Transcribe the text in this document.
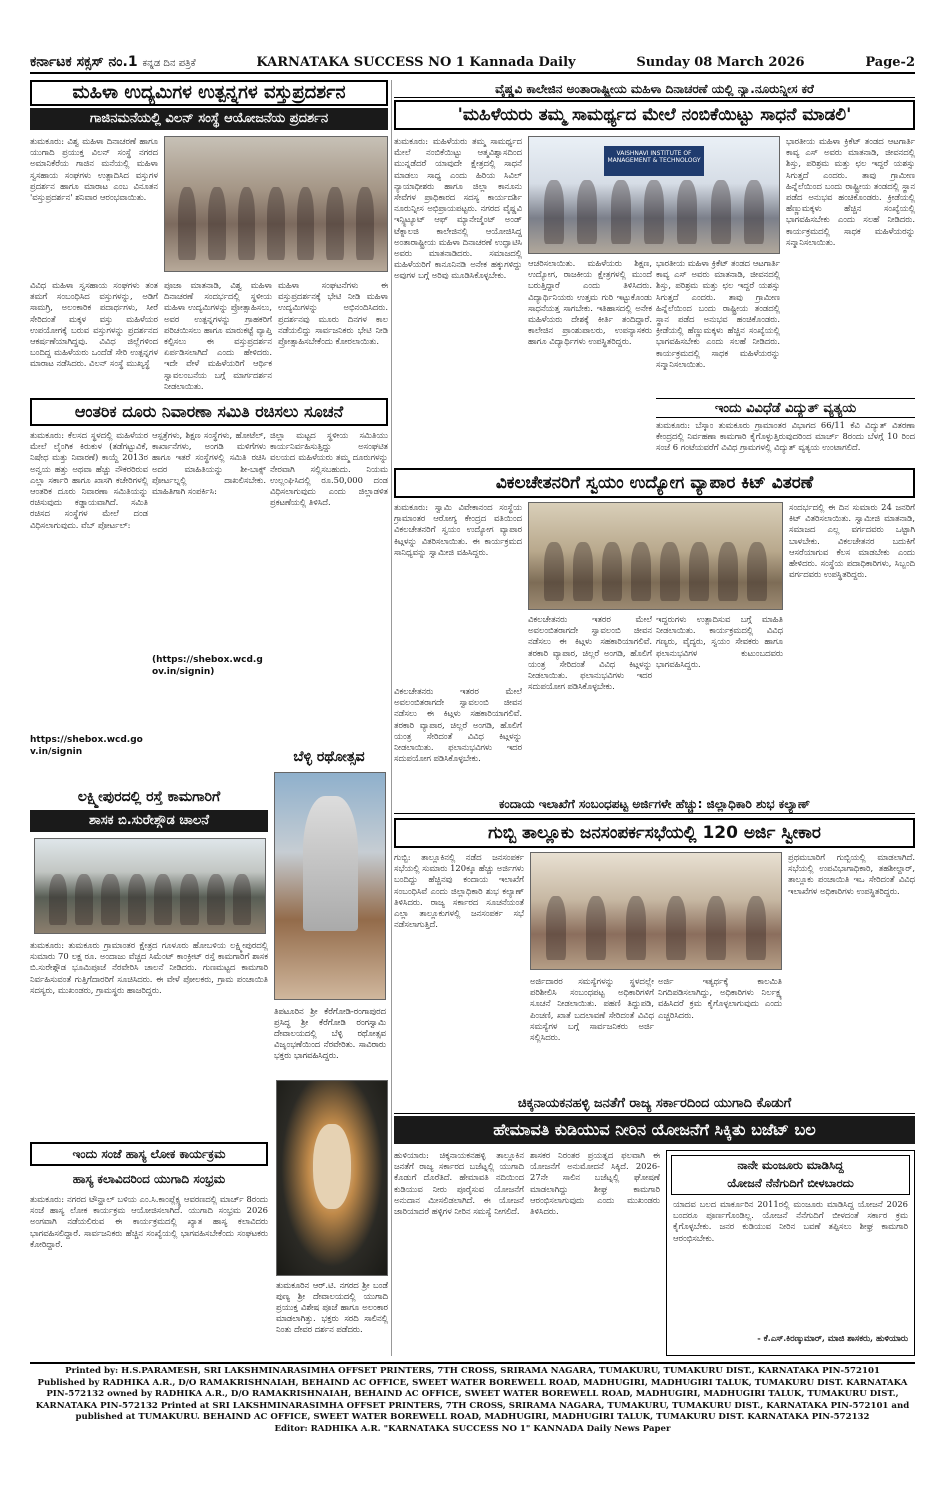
ಕರ್ನಾಟಕ ಸಕ್ಸಸ್ ನಂ.1 ಕನ್ನಡ ದಿನ ಪತ್ರಿಕೆ	KARNATAKA SUCCESS NO 1 Kannada Daily	Sunday 08 March 2026	Page-2
ಮಹಿಳಾ ಉದ್ಯಮಿಗಳ ಉತ್ಪನ್ನಗಳ ವಸ್ತುಪ್ರದರ್ಶನ
ಗಾಜಿನಮನೆಯಲ್ಲಿ ವಿಲನ್ ಸಂಸ್ಥೆ ಆಯೋಜನೆಯ ಪ್ರದರ್ಶನ
ತುಮಕೂರು: ವಿಶ್ವ ಮಹಿಳಾ ದಿನಾಚರಣೆ ಹಾಗೂ ಯುಗಾದಿ ಪ್ರಯುಕ್ತ ವಿಲನ್ ಸಂಸ್ಥೆ ನಗರದ ಅಮಾನಿಕೆರೆಯ ಗಾಜಿನ ಮನೆಯಲ್ಲಿ ಮಹಿಳಾ ಸ್ವಸಹಾಯ ಸಂಘಗಳು ಉತ್ಪಾದಿಸಿದ ವಸ್ತುಗಳ ಪ್ರದರ್ಶನ ಹಾಗೂ ಮಾರಾಟ ಎಂಬ ವಿನೂತನ 'ವಸ್ತುಪ್ರದರ್ಶನ' ಶನಿವಾರ ಆರಂಭವಾಯಿತು.
ವಿವಿಧ ಮಹಿಳಾ ಸ್ವಸಹಾಯ ಸಂಘಗಳು ತಂತ ತಮಗೆ ಸಂಬಂಧಿಸಿದ ವಸ್ತುಗಳನ್ನು, ಅಡಿಗೆ ಸಾಮಗ್ರಿ, ಅಲಂಕಾರಿಕ ಪದಾರ್ಥಗಳು, ಸೀರೆ ಸೇರಿದಂತೆ ಮಕ್ಕಳ ವಸ್ತು ಮಹಿಳೆಯರ ಉಪಯೋಗಕ್ಕೆ ಬರುವ ವಸ್ತುಗಳನ್ನು ಪ್ರದರ್ಶನದ ಆಕರ್ಷಣೆಯಾಗಿದ್ದವು. ವಿವಿಧ ಜಿಲ್ಲೆಗಳಿಂದ ಬಂದಿದ್ದ ಮಹಿಳೆಯರು ಒಂದೆಡೆ ಸೇರಿ ಉತ್ಪನ್ನಗಳ ಮಾರಾಟ ನಡೆಸಿದರು. ವಿಲನ್ ಸಂಸ್ಥೆ ಮುಖ್ಯಸ್ಥೆ
ಪೂಜಾ ಮಾತನಾಡಿ, ವಿಶ್ವ ಮಹಿಳಾ ದಿನಾಚರಣೆ ಸಂದರ್ಭದಲ್ಲಿ ಸ್ಥಳೀಯ ಮಹಿಳಾ ಉದ್ಯಮಿಗಳನ್ನು ಪ್ರೋತ್ಸಾಹಿಸಲು, ಅವರ ಉತ್ಪನ್ನಗಳನ್ನು ಗ್ರಾಹಕರಿಗೆ ಪರಿಚಯಿಸಲು ಹಾಗೂ ಮಾರುಕಟ್ಟೆ ವ್ಯಾಪ್ತಿ ಕಲ್ಪಿಸಲು ಈ ವಸ್ತುಪ್ರದರ್ಶನ ಏರ್ಪಡಿಸಲಾಗಿದೆ ಎಂದು ಹೇಳಿದರು. ಇದೇ ವೇಳೆ ಮಹಿಳೆಯರಿಗೆ ಆರ್ಥಿಕ ಸ್ವಾವಲಂಬನೆಯ ಬಗ್ಗೆ ಮಾರ್ಗದರ್ಶನ ನೀಡಲಾಯಿತು.
ಮಹಿಳಾ ಸಂಘಟನೆಗಳು ಈ ವಸ್ತುಪ್ರದರ್ಶನಕ್ಕೆ ಭೇಟಿ ನೀಡಿ ಮಹಿಳಾ ಉದ್ಯಮಿಗಳನ್ನು ಅಭಿನಂದಿಸಿದರು. ಪ್ರದರ್ಶನವು ಮೂರು ದಿನಗಳ ಕಾಲ ನಡೆಯಲಿದ್ದು ಸಾರ್ವಜನಿಕರು ಭೇಟಿ ನೀಡಿ ಪ್ರೋತ್ಸಾಹಿಸಬೇಕೆಂದು ಕೋರಲಾಯಿತು.
ವೈಷ್ಣವಿ ಕಾಲೇಜಿನ ಅಂತಾರಾಷ್ಟ್ರೀಯ ಮಹಿಳಾ ದಿನಾಚರಣೆ ಯಲ್ಲಿ ನ್ಯಾ.ನೂರುನ್ನೀಸ ಕರೆ
'ಮಹಿಳೆಯರು ತಮ್ಮ ಸಾಮರ್ಥ್ಯದ ಮೇಲೆ ನಂಬಿಕೆಯಿಟ್ಟು ಸಾಧನೆ ಮಾಡಲಿ'
ತುಮಕೂರು: ಮಹಿಳೆಯರು ತಮ್ಮ ಸಾಮರ್ಥ್ಯದ ಮೇಲೆ ನಂಬಿಕೆಯಿಟ್ಟು ಆತ್ಮವಿಶ್ವಾಸದಿಂದ ಮುನ್ನಡೆದರೆ ಯಾವುದೇ ಕ್ಷೇತ್ರದಲ್ಲಿ ಸಾಧನೆ ಮಾಡಲು ಸಾಧ್ಯ ಎಂದು ಹಿರಿಯ ಸಿವಿಲ್ ನ್ಯಾಯಾಧೀಶರು ಹಾಗೂ ಜಿಲ್ಲಾ ಕಾನೂನು ಸೇವೆಗಳ ಪ್ರಾಧಿಕಾರದ ಸದಸ್ಯ ಕಾರ್ಯದರ್ಶಿ ನೂರುನ್ನೀಸ ಅಭಿಪ್ರಾಯಪಟ್ಟರು. ನಗರದ ವೈಷ್ಣವಿ ಇನ್ಸ್ಟಿಟ್ಯೂಟ್ ಆಫ್ ಮ್ಯಾನೇಜ್ಮೆಂಟ್ ಅಂಡ್ ಟೆಕ್ನಾಲಜಿ ಕಾಲೇಜಿನಲ್ಲಿ ಆಯೋಜಿಸಿದ್ದ ಅಂತಾರಾಷ್ಟ್ರೀಯ ಮಹಿಳಾ ದಿನಾಚರಣೆ ಉದ್ಘಾಟಿಸಿ ಅವರು ಮಾತನಾಡಿದರು. ಸಮಾಜದಲ್ಲಿ ಮಹಿಳೆಯರಿಗೆ ಕಾನೂನಿನಡಿ ಅನೇಕ ಹಕ್ಕುಗಳಿದ್ದು ಅವುಗಳ ಬಗ್ಗೆ ಅರಿವು ಮೂಡಿಸಿಕೊಳ್ಳಬೇಕು.
VAISHNAVI INSTITUTE OF MANAGEMENT & TECHNOLOGY
ಆಚರಿಸಲಾಯಿತು. ಮಹಿಳೆಯರು ಶಿಕ್ಷಣ, ಉದ್ಯೋಗ, ರಾಜಕೀಯ ಕ್ಷೇತ್ರಗಳಲ್ಲಿ ಮುಂದೆ ಬರುತ್ತಿದ್ದಾರೆ ಎಂದು ತಿಳಿಸಿದರು. ವಿದ್ಯಾರ್ಥಿನಿಯರು ಉತ್ತಮ ಗುರಿ ಇಟ್ಟುಕೊಂಡು ಸಾಧನೆಯತ್ತ ಸಾಗಬೇಕು. ಇತಿಹಾಸದಲ್ಲಿ ಅನೇಕ ಮಹಿಳೆಯರು ದೇಶಕ್ಕೆ ಕೀರ್ತಿ ತಂದಿದ್ದಾರೆ. ಕಾಲೇಜಿನ ಪ್ರಾಂಶುಪಾಲರು, ಉಪನ್ಯಾಸಕರು ಹಾಗೂ ವಿದ್ಯಾರ್ಥಿಗಳು ಉಪಸ್ಥಿತರಿದ್ದರು.
ಭಾರತೀಯ ಮಹಿಳಾ ಕ್ರಿಕೆಟ್ ತಂಡದ ಆಟಗಾರ್ತಿ ಕಾವ್ಯ ಎಸ್ ಅವರು ಮಾತನಾಡಿ, ಜೀವನದಲ್ಲಿ ಶಿಸ್ತು, ಪರಿಶ್ರಮ ಮತ್ತು ಛಲ ಇದ್ದರೆ ಯಶಸ್ಸು ಸಿಗುತ್ತದೆ ಎಂದರು. ತಾವು ಗ್ರಾಮೀಣ ಹಿನ್ನೆಲೆಯಿಂದ ಬಂದು ರಾಷ್ಟ್ರೀಯ ತಂಡದಲ್ಲಿ ಸ್ಥಾನ ಪಡೆದ ಅನುಭವ ಹಂಚಿಕೊಂಡರು. ಕ್ರೀಡೆಯಲ್ಲಿ ಹೆಣ್ಣುಮಕ್ಕಳು ಹೆಚ್ಚಿನ ಸಂಖ್ಯೆಯಲ್ಲಿ ಭಾಗವಹಿಸಬೇಕು ಎಂದು ಸಲಹೆ ನೀಡಿದರು. ಕಾರ್ಯಕ್ರಮದಲ್ಲಿ ಸಾಧಕ ಮಹಿಳೆಯರನ್ನು ಸನ್ಮಾನಿಸಲಾಯಿತು.
ಭಾರತೀಯ ಮಹಿಳಾ ಕ್ರಿಕೆಟ್ ತಂಡದ ಆಟಗಾರ್ತಿ ಕಾವ್ಯ ಎಸ್ ಅವರು ಮಾತನಾಡಿ, ಜೀವನದಲ್ಲಿ ಶಿಸ್ತು, ಪರಿಶ್ರಮ ಮತ್ತು ಛಲ ಇದ್ದರೆ ಯಶಸ್ಸು ಸಿಗುತ್ತದೆ ಎಂದರು. ತಾವು ಗ್ರಾಮೀಣ ಹಿನ್ನೆಲೆಯಿಂದ ಬಂದು ರಾಷ್ಟ್ರೀಯ ತಂಡದಲ್ಲಿ ಸ್ಥಾನ ಪಡೆದ ಅನುಭವ ಹಂಚಿಕೊಂಡರು. ಕ್ರೀಡೆಯಲ್ಲಿ ಹೆಣ್ಣುಮಕ್ಕಳು ಹೆಚ್ಚಿನ ಸಂಖ್ಯೆಯಲ್ಲಿ ಭಾಗವಹಿಸಬೇಕು ಎಂದು ಸಲಹೆ ನೀಡಿದರು. ಕಾರ್ಯಕ್ರಮದಲ್ಲಿ ಸಾಧಕ ಮಹಿಳೆಯರನ್ನು ಸನ್ಮಾನಿಸಲಾಯಿತು.
ಇಂದು ವಿವಿಧೆಡೆ ವಿದ್ಯುತ್ ವ್ಯತ್ಯಯ
ತುಮಕೂರು: ಬೆಸ್ಕಾಂ ತುಮಕೂರು ಗ್ರಾಮಾಂತರ ವಿಭಾಗದ 66/11 ಕೆವಿ ವಿದ್ಯುತ್ ವಿತರಣಾ ಕೇಂದ್ರದಲ್ಲಿ ನಿರ್ವಹಣಾ ಕಾಮಗಾರಿ ಕೈಗೊಳ್ಳುತ್ತಿರುವುದರಿಂದ ಮಾರ್ಚ್ 8ರಂದು ಬೆಳಗ್ಗೆ 10 ರಿಂದ ಸಂಜೆ 6 ಗಂಟೆಯವರೆಗೆ ವಿವಿಧ ಗ್ರಾಮಗಳಲ್ಲಿ ವಿದ್ಯುತ್ ವ್ಯತ್ಯಯ ಉಂಟಾಗಲಿದೆ.
ಆಂತರಿಕ ದೂರು ನಿವಾರಣಾ ಸಮಿತಿ ರಚಿಸಲು ಸೂಚನೆ
ತುಮಕೂರು: ಕೆಲಸದ ಸ್ಥಳದಲ್ಲಿ ಮಹಿಳೆಯರ ಮೇಲೆ ಲೈಂಗಿಕ ಕಿರುಕುಳ (ತಡೆಗಟ್ಟುವಿಕೆ, ನಿಷೇಧ ಮತ್ತು ನಿವಾರಣೆ) ಕಾಯ್ದೆ 2013ರ ಅನ್ವಯ ಹತ್ತು ಅಥವಾ ಹೆಚ್ಚು ನೌಕರರಿರುವ ಎಲ್ಲಾ ಸರ್ಕಾರಿ ಹಾಗೂ ಖಾಸಗಿ ಕಚೇರಿಗಳಲ್ಲಿ ಆಂತರಿಕ ದೂರು ನಿವಾರಣಾ ಸಮಿತಿಯನ್ನು ರಚಿಸುವುದು ಕಡ್ಡಾಯವಾಗಿದೆ. ಸಮಿತಿ ರಚಿಸದ ಸಂಸ್ಥೆಗಳ ಮೇಲೆ ದಂಡ ವಿಧಿಸಲಾಗುವುದು. ವೆಬ್ ಪೋರ್ಟಲ್:
https://shebox.wcd.gov.in/signin
ಆಸ್ಪತ್ರೆಗಳು, ಶಿಕ್ಷಣ ಸಂಸ್ಥೆಗಳು, ಹೋಟೆಲ್, ಕಾರ್ಖಾನೆಗಳು, ಅಂಗಡಿ ಮಳಿಗೆಗಳು ಹಾಗೂ ಇತರೆ ಸಂಸ್ಥೆಗಳಲ್ಲಿ ಸಮಿತಿ ರಚಿಸಿ ಅದರ ಮಾಹಿತಿಯನ್ನು ಶೀ-ಬಾಕ್ಸ್ ಪೋರ್ಟಲ್ನಲ್ಲಿ ದಾಖಲಿಸಬೇಕು. ಮಾಹಿತಿಗಾಗಿ ಸಂಪರ್ಕಿಸಿ:
(https://shebox.wcd.gov.in/signin)
ಜಿಲ್ಲಾ ಮಟ್ಟದ ಸ್ಥಳೀಯ ಸಮಿತಿಯು ಕಾರ್ಯನಿರ್ವಹಿಸುತ್ತಿದ್ದು ಅಸಂಘಟಿತ ವಲಯದ ಮಹಿಳೆಯರು ತಮ್ಮ ದೂರುಗಳನ್ನು ನೇರವಾಗಿ ಸಲ್ಲಿಸಬಹುದು. ನಿಯಮ ಉಲ್ಲಂಘಿಸಿದಲ್ಲಿ ರೂ.50,000 ದಂಡ ವಿಧಿಸಲಾಗುವುದು ಎಂದು ಜಿಲ್ಲಾಡಳಿತ ಪ್ರಕಟಣೆಯಲ್ಲಿ ತಿಳಿಸಿದೆ.
ವಿಕಲಚೇತನರಿಗೆ ಸ್ವಯಂ ಉದ್ಯೋಗ ವ್ಯಾಪಾರ ಕಿಟ್ ವಿತರಣೆ
ತುಮಕೂರು: ಸ್ವಾಮಿ ವಿವೇಕಾನಂದ ಸಂಸ್ಥೆಯ ಗ್ರಾಮಾಂತರ ಆರೋಗ್ಯ ಕೇಂದ್ರದ ವತಿಯಿಂದ ವಿಕಲಚೇತನರಿಗೆ ಸ್ವಯಂ ಉದ್ಯೋಗ ವ್ಯಾಪಾರ ಕಿಟ್ಗಳನ್ನು ವಿತರಿಸಲಾಯಿತು. ಈ ಕಾರ್ಯಕ್ರಮದ ಸಾನಿಧ್ಯವನ್ನು ಸ್ವಾಮೀಜಿ ವಹಿಸಿದ್ದರು.
ವಿಕಲಚೇತನರು ಇತರರ ಮೇಲೆ ಅವಲಂಬಿತರಾಗದೇ ಸ್ವಾವಲಂಬಿ ಜೀವನ ನಡೆಸಲು ಈ ಕಿಟ್ಗಳು ಸಹಕಾರಿಯಾಗಲಿವೆ. ತರಕಾರಿ ವ್ಯಾಪಾರ, ಚಿಲ್ಲರೆ ಅಂಗಡಿ, ಹೊಲಿಗೆ ಯಂತ್ರ ಸೇರಿದಂತೆ ವಿವಿಧ ಕಿಟ್ಗಳನ್ನು ನೀಡಲಾಯಿತು. ಫಲಾನುಭವಿಗಳು ಇದರ ಸದುಪಯೋಗ ಪಡಿಸಿಕೊಳ್ಳಬೇಕು.
ಇದ್ದರುಗಳು ಉತ್ಪಾದಿಸುವ ಬಗ್ಗೆ ಮಾಹಿತಿ ನೀಡಲಾಯಿತು. ಕಾರ್ಯಕ್ರಮದಲ್ಲಿ ವಿವಿಧ ಗಣ್ಯರು, ವೈದ್ಯರು, ಸ್ವಯಂ ಸೇವಕರು ಹಾಗೂ ಫಲಾನುಭವಿಗಳ ಕುಟುಂಬದವರು ಭಾಗವಹಿಸಿದ್ದರು.
ಸಂದರ್ಭದಲ್ಲಿ ಈ ದಿನ ಸುಮಾರು 24 ಜನರಿಗೆ ಕಿಟ್ ವಿತರಿಸಲಾಯಿತು. ಸ್ವಾಮೀಜಿ ಮಾತನಾಡಿ, ಸಮಾಜದ ಎಲ್ಲ ವರ್ಗದವರು ಒಟ್ಟಾಗಿ ಬಾಳಬೇಕು. ವಿಕಲಚೇತನರ ಬದುಕಿಗೆ ಆಸರೆಯಾಗುವ ಕೆಲಸ ಮಾಡಬೇಕು ಎಂದು ಹೇಳಿದರು. ಸಂಸ್ಥೆಯ ಪದಾಧಿಕಾರಿಗಳು, ಸಿಬ್ಬಂದಿ ವರ್ಗದವರು ಉಪಸ್ಥಿತರಿದ್ದರು.
ವಿಕಲಚೇತನರು ಇತರರ ಮೇಲೆ ಅವಲಂಬಿತರಾಗದೇ ಸ್ವಾವಲಂಬಿ ಜೀವನ ನಡೆಸಲು ಈ ಕಿಟ್ಗಳು ಸಹಕಾರಿಯಾಗಲಿವೆ. ತರಕಾರಿ ವ್ಯಾಪಾರ, ಚಿಲ್ಲರೆ ಅಂಗಡಿ, ಹೊಲಿಗೆ ಯಂತ್ರ ಸೇರಿದಂತೆ ವಿವಿಧ ಕಿಟ್ಗಳನ್ನು ನೀಡಲಾಯಿತು. ಫಲಾನುಭವಿಗಳು ಇದರ ಸದುಪಯೋಗ ಪಡಿಸಿಕೊಳ್ಳಬೇಕು.
ಬೆಳ್ಳಿ ರಥೋತ್ಸವ
ತಿಪಟೂರಿನ ಶ್ರೀ ಕೆರೆಗೋಡಿ-ರಂಗಾಪುರದ ಪ್ರಸಿದ್ಧ ಶ್ರೀ ಕೆರೆಗೋಡಿ ರಂಗಸ್ವಾಮಿ ದೇವಾಲಯದಲ್ಲಿ ಬೆಳ್ಳಿ ರಥೋತ್ಸವ ವಿಜೃಂಭಣೆಯಿಂದ ನೆರವೇರಿತು. ಸಾವಿರಾರು ಭಕ್ತರು ಭಾಗವಹಿಸಿದ್ದರು.
ಲಕ್ಷ್ಮೀಪುರದಲ್ಲಿ ರಸ್ತೆ ಕಾಮಗಾರಿಗೆ
ಶಾಸಕ ಬಿ.ಸುರೇಶ್ಗೌಡ ಚಾಲನೆ
ತುಮಕೂರು: ತುಮಕೂರು ಗ್ರಾಮಾಂತರ ಕ್ಷೇತ್ರದ ಗೂಳೂರು ಹೋಬಳಿಯ ಲಕ್ಷ್ಮೀಪುರದಲ್ಲಿ ಸುಮಾರು 70 ಲಕ್ಷ ರೂ. ಅಂದಾಜು ವೆಚ್ಚದ ಸಿಮೆಂಟ್ ಕಾಂಕ್ರೀಟ್ ರಸ್ತೆ ಕಾಮಗಾರಿಗೆ ಶಾಸಕ ಬಿ.ಸುರೇಶ್ಗೌಡ ಭೂಮಿಪೂಜೆ ನೆರವೇರಿಸಿ ಚಾಲನೆ ನೀಡಿದರು. ಗುಣಮಟ್ಟದ ಕಾಮಗಾರಿ ನಿರ್ವಹಿಸುವಂತೆ ಗುತ್ತಿಗೆದಾರರಿಗೆ ಸೂಚಿಸಿದರು. ಈ ವೇಳೆ ಪೋಲಕರು, ಗ್ರಾಮ ಪಂಚಾಯಿತಿ ಸದಸ್ಯರು, ಮುಖಂಡರು, ಗ್ರಾಮಸ್ಥರು ಹಾಜರಿದ್ದರು.
ಇಂದು ಸಂಜೆ ಹಾಸ್ಯ ಲೋಕ ಕಾರ್ಯಕ್ರಮ
ಹಾಸ್ಯ ಕಲಾವಿದರಿಂದ ಯುಗಾದಿ ಸಂಭ್ರಮ
ತುಮಕೂರು: ನಗರದ ಟೌನ್ಹಾಲ್ ಬಳಿಯ ಎಂ.ಸಿ.ಕಾಂಪ್ಲೆಕ್ಸ್ನ ಆವರಣದಲ್ಲಿ ಮಾರ್ಚ್ 8ರಂದು ಸಂಜೆ ಹಾಸ್ಯ ಲೋಕ ಕಾರ್ಯಕ್ರಮ ಆಯೋಜಿಸಲಾಗಿದೆ. ಯುಗಾದಿ ಸಂಭ್ರಮ 2026 ಅಂಗವಾಗಿ ನಡೆಯಲಿರುವ ಈ ಕಾರ್ಯಕ್ರಮದಲ್ಲಿ ಖ್ಯಾತ ಹಾಸ್ಯ ಕಲಾವಿದರು ಭಾಗವಹಿಸಲಿದ್ದಾರೆ. ಸಾರ್ವಜನಿಕರು ಹೆಚ್ಚಿನ ಸಂಖ್ಯೆಯಲ್ಲಿ ಭಾಗವಹಿಸಬೇಕೆಂದು ಸಂಘಟಕರು ಕೋರಿದ್ದಾರೆ.
ತುಮಕೂರಿನ ಆರ್.ಟಿ. ನಗರದ ಶ್ರೀ ಬಂಡೆ ಪುಣ್ಯ ಶ್ರೀ ದೇವಾಲಯದಲ್ಲಿ ಯುಗಾದಿ ಪ್ರಯುಕ್ತ ವಿಶೇಷ ಪೂಜೆ ಹಾಗೂ ಅಲಂಕಾರ ಮಾಡಲಾಗಿತ್ತು. ಭಕ್ತರು ಸರದಿ ಸಾಲಿನಲ್ಲಿ ನಿಂತು ದೇವರ ದರ್ಶನ ಪಡೆದರು.
ಕಂದಾಯ ಇಲಾಖೆಗೆ ಸಂಬಂಧಪಟ್ಟ ಅರ್ಜಿಗಳೇ ಹೆಚ್ಚು: ಜಿಲ್ಲಾಧಿಕಾರಿ ಶುಭ ಕಲ್ಯಾಣ್
ಗುಬ್ಬಿ ತಾಲ್ಲೂಕು ಜನಸಂಪರ್ಕಸಭೆಯಲ್ಲಿ 120 ಅರ್ಜಿ ಸ್ವೀಕಾರ
ಗುಬ್ಬಿ: ತಾಲ್ಲೂಕಿನಲ್ಲಿ ನಡೆದ ಜನಸಂಪರ್ಕ ಸಭೆಯಲ್ಲಿ ಸುಮಾರು 120ಕ್ಕೂ ಹೆಚ್ಚು ಅರ್ಜಿಗಳು ಬಂದಿದ್ದು ಹೆಚ್ಚಿನವು ಕಂದಾಯ ಇಲಾಖೆಗೆ ಸಂಬಂಧಿಸಿವೆ ಎಂದು ಜಿಲ್ಲಾಧಿಕಾರಿ ಶುಭ ಕಲ್ಯಾಣ್ ತಿಳಿಸಿದರು. ರಾಜ್ಯ ಸರ್ಕಾರದ ಸೂಚನೆಯಂತೆ ಎಲ್ಲಾ ತಾಲ್ಲೂಕುಗಳಲ್ಲಿ ಜನಸಂಪರ್ಕ ಸಭೆ ನಡೆಸಲಾಗುತ್ತಿದೆ.
ಅರ್ಜಿದಾರರ ಸಮಸ್ಯೆಗಳನ್ನು ಸ್ಥಳದಲ್ಲೇ ಪರಿಶೀಲಿಸಿ ಸಂಬಂಧಪಟ್ಟ ಅಧಿಕಾರಿಗಳಿಗೆ ಸೂಚನೆ ನೀಡಲಾಯಿತು. ಪಹಣಿ ತಿದ್ದುಪಡಿ, ಪಿಂಚಣಿ, ಖಾತೆ ಬದಲಾವಣೆ ಸೇರಿದಂತೆ ವಿವಿಧ ಸಮಸ್ಯೆಗಳ ಬಗ್ಗೆ ಸಾರ್ವಜನಿಕರು ಅರ್ಜಿ ಸಲ್ಲಿಸಿದರು.
ಅರ್ಜಿ ಇತ್ಯರ್ಥಕ್ಕೆ ಕಾಲಮಿತಿ ನಿಗದಿಪಡಿಸಲಾಗಿದ್ದು, ಅಧಿಕಾರಿಗಳು ನಿರ್ಲಕ್ಷ್ಯ ವಹಿಸಿದರೆ ಕ್ರಮ ಕೈಗೊಳ್ಳಲಾಗುವುದು ಎಂದು ಎಚ್ಚರಿಸಿದರು.
ಪ್ರಥಮಬಾರಿಗೆ ಗುಬ್ಬಿಯಲ್ಲಿ ಮಾಡಲಾಗಿದೆ. ಸಭೆಯಲ್ಲಿ ಉಪವಿಭಾಗಾಧಿಕಾರಿ, ತಹಶೀಲ್ದಾರ್, ತಾಲ್ಲೂಕು ಪಂಚಾಯಿತಿ ಇಒ ಸೇರಿದಂತೆ ವಿವಿಧ ಇಲಾಖೆಗಳ ಅಧಿಕಾರಿಗಳು ಉಪಸ್ಥಿತರಿದ್ದರು.
ಚಿಕ್ಕನಾಯಕನಹಳ್ಳಿ ಜನತೆಗೆ ರಾಜ್ಯ ಸರ್ಕಾರದಿಂದ ಯುಗಾದಿ ಕೊಡುಗೆ
ಹೇಮಾವತಿ ಕುಡಿಯುವ ನೀರಿನ ಯೋಜನೆಗೆ ಸಿಕ್ಕಿತು ಬಜೆಟ್ ಬಲ
ಹುಳಿಯಾರು: ಚಿಕ್ಕನಾಯಕನಹಳ್ಳಿ ತಾಲ್ಲೂಕಿನ ಜನತೆಗೆ ರಾಜ್ಯ ಸರ್ಕಾರದ ಬಜೆಟ್ನಲ್ಲಿ ಯುಗಾದಿ ಕೊಡುಗೆ ದೊರೆತಿದೆ. ಹೇಮಾವತಿ ನದಿಯಿಂದ ಕುಡಿಯುವ ನೀರು ಪೂರೈಸುವ ಯೋಜನೆಗೆ ಅನುದಾನ ಮೀಸಲಿಡಲಾಗಿದೆ. ಈ ಯೋಜನೆ ಜಾರಿಯಾದರೆ ಹಳ್ಳಿಗಳ ನೀರಿನ ಸಮಸ್ಯೆ ನೀಗಲಿದೆ.
ಶಾಸಕರ ನಿರಂತರ ಪ್ರಯತ್ನದ ಫಲವಾಗಿ ಈ ಯೋಜನೆಗೆ ಅನುಮೋದನೆ ಸಿಕ್ಕಿದೆ. 2026-27ನೇ ಸಾಲಿನ ಬಜೆಟ್ನಲ್ಲಿ ಘೋಷಣೆ ಮಾಡಲಾಗಿದ್ದು ಶೀಘ್ರ ಕಾಮಗಾರಿ ಆರಂಭಿಸಲಾಗುವುದು ಎಂದು ಮುಖಂಡರು ತಿಳಿಸಿದರು.
ನಾನೇ ಮಂಜೂರು ಮಾಡಿಸಿದ್ದ
ಯೋಜನೆ ನೆನೆಗುದಿಗೆ ಬೀಳಬಾರದು
ಯಾದವ ಬಲದ ಮಾರ್ಕೂರಿನ 2011ರಲ್ಲಿ ಮಂಜೂರು ಮಾಡಿಸಿದ್ದ ಯೋಜನೆ 2026 ಬಂದರೂ ಪೂರ್ಣಗೊಂಡಿಲ್ಲ. ಯೋಜನೆ ನೆನೆಗುದಿಗೆ ಬೀಳದಂತೆ ಸರ್ಕಾರ ಕ್ರಮ ಕೈಗೊಳ್ಳಬೇಕು. ಜನರ ಕುಡಿಯುವ ನೀರಿನ ಬವಣೆ ತಪ್ಪಿಸಲು ಶೀಘ್ರ ಕಾಮಗಾರಿ ಆರಂಭಿಸಬೇಕು.
- ಕೆ.ಎಸ್.ಕಿರಣ್ಕುಮಾರ್, ಮಾಜಿ ಶಾಸಕರು, ಹುಳಿಯಾರು

Printed by: H.S.PARAMESH, SRI LAKSHMINARASIMHA OFFSET PRINTERS, 7TH CROSS, SRIRAMA NAGARA, TUMAKURU, TUMAKURU DIST., KARNATAKA PIN-572101

Published by RADHIKA A.R., D/O RAMAKRISHNAIAH, BEHAIND AC OFFICE, SWEET WATER BOREWELL ROAD, MADHUGIRI, MADHUGIRI TALUK, TUMAKURU DIST. KARNATAKA

PIN-572132 owned by RADHIKA A.R., D/O RAMAKRISHNAIAH, BEHAIND AC OFFICE, SWEET WATER BOREWELL ROAD, MADHUGIRI, MADHUGIRI TALUK, TUMAKURU DIST.,

KARNATAKA PIN-572132 Printed at SRI LAKSHMINARASIMHA OFFSET PRINTERS, 7TH CROSS, SRIRAMA NAGARA, TUMAKURU, TUMAKURU DIST., KARNATAKA PIN-572101 and

published at TUMAKURU. BEHAIND AC OFFICE, SWEET WATER BOREWELL ROAD, MADHUGIRI, MADHUGIRI TALUK, TUMAKURU DIST. KARNATAKA PIN-572132

Editor: RADHIKA A.R. "KARNATAKA SUCCESS NO 1" KANNADA Daily News Paper
